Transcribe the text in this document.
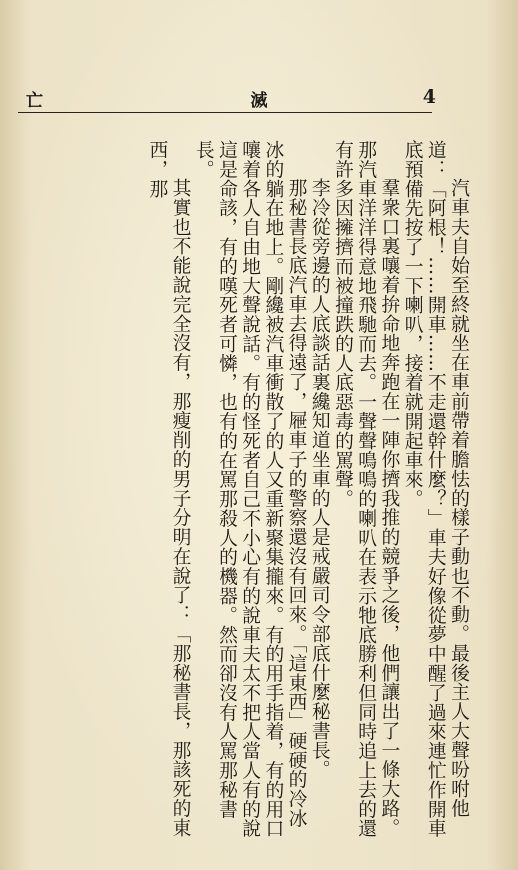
亡	滅	4

汽車夫自始至終就坐在車前帶着膽怯的樣子動也不動。最後主人大聲吩咐他道：「阿根！……開車……不走還幹什麼？」車夫好像從夢中醒了過來連忙作開車底預備先按了一下喇叭，接着就開起車來。

羣衆口裏嚷着拚命地奔跑在一陣你擠我推的競爭之後，他們讓出了一條大路。那汽車洋洋得意地飛馳而去。一聲聲鳴鳴的喇叭在表示牠底勝利但同時追上去的還有許多因擁擠而被撞跌的人底惡毒的罵聲。

李冷從旁邊的人底談話裏纔知道坐車的人是戒嚴司令部底什麼秘書長。

那秘書長底汽車去得遠了，屜車子的警察還沒有回來。「這東西」硬硬的冷冰冰的躺在地上。剛纔被汽車衝散了的人又重新聚集攏來。有的用手指着，有的用口嚷着各人自由地大聲說話。有的怪死者自己不小心有的說車夫太不把人當人有的說這是命該，有的嘆死者可憐，也有的在罵那殺人的機器。然而卻沒有人罵那秘書長。

其實也不能說完全沒有，那瘦削的男子分明在說了：「那秘書長，那該死的東西，那
